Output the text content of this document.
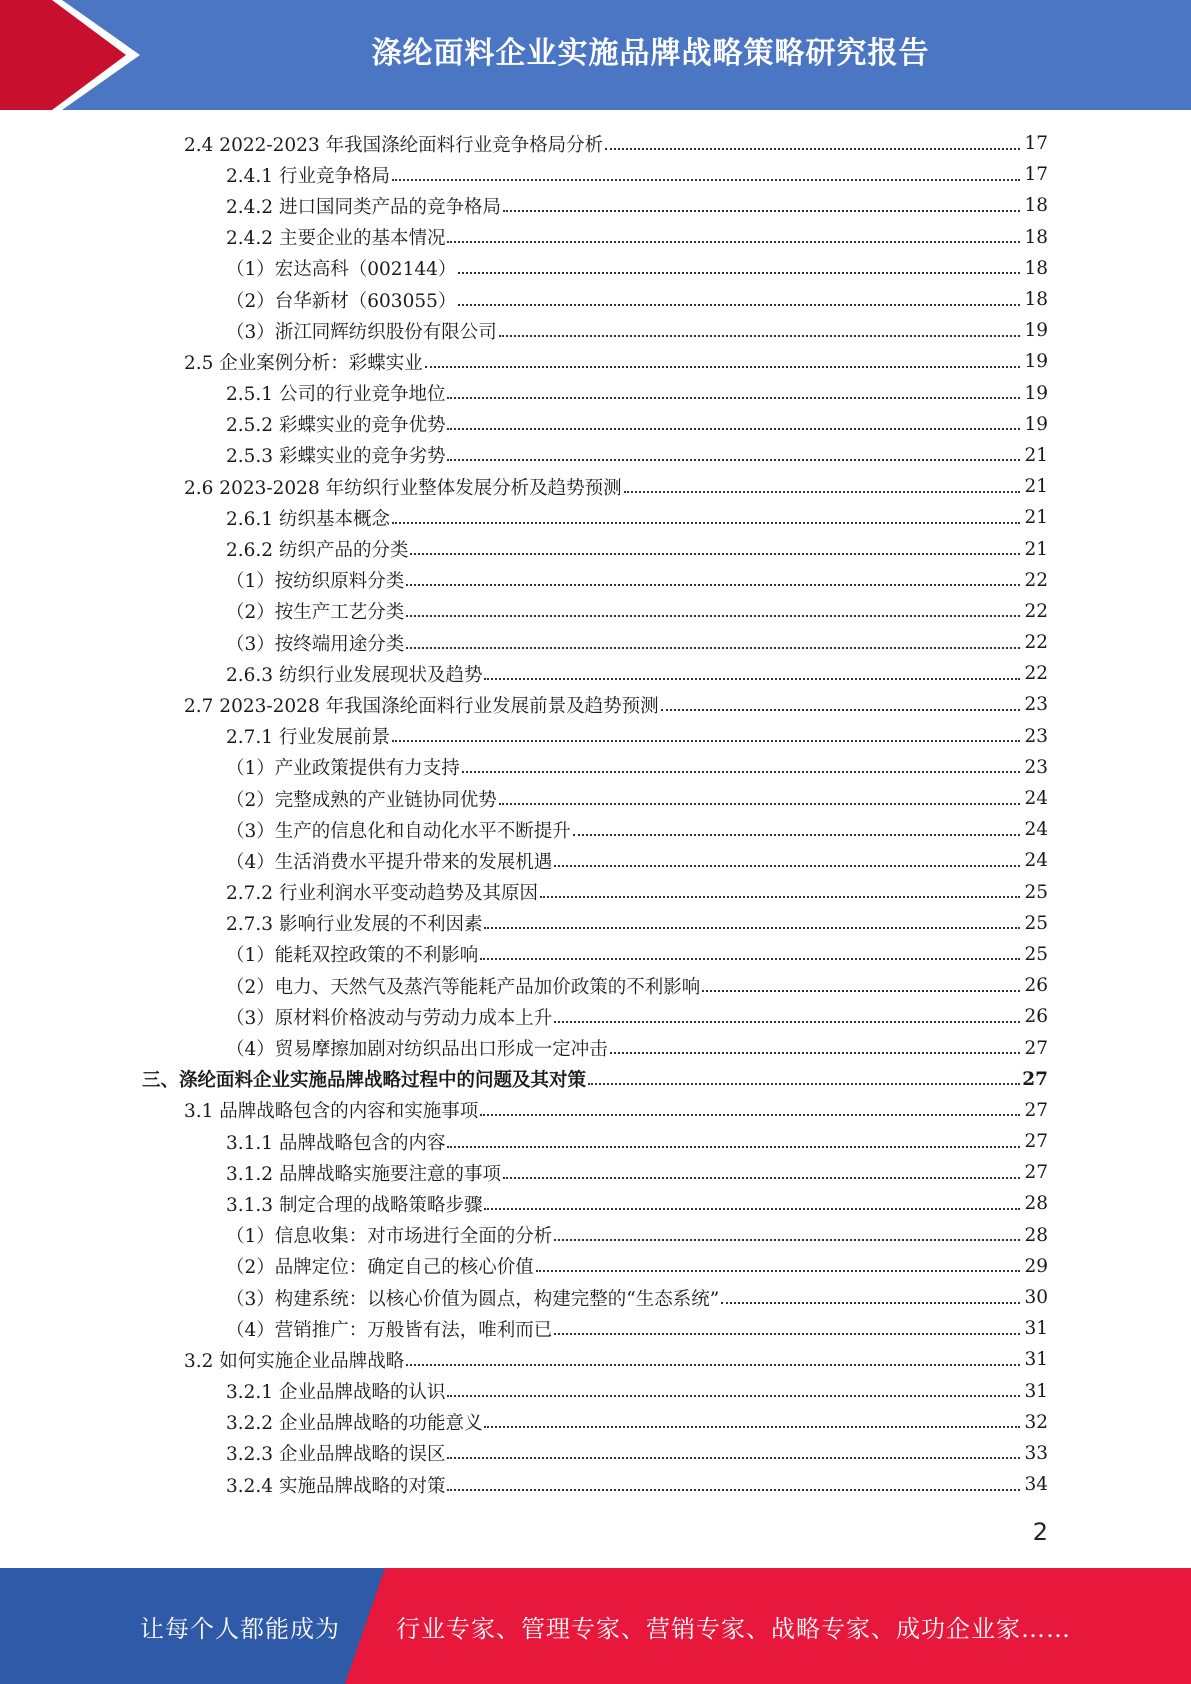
涤纶面料企业实施品牌战略策略研究报告
2.4 2022-2023 年我国涤纶面料行业竞争格局分析	17
2.4.1 行业竞争格局	17
2.4.2 进口国同类产品的竞争格局	18
2.4.2 主要企业的基本情况	18
（1）宏达高科（002144）	18
（2）台华新材（603055）	18
（3）浙江同辉纺织股份有限公司	19
2.5 企业案例分析：彩蝶实业	19
2.5.1 公司的行业竞争地位	19
2.5.2 彩蝶实业的竞争优势	19
2.5.3 彩蝶实业的竞争劣势	21
2.6 2023-2028 年纺织行业整体发展分析及趋势预测	21
2.6.1 纺织基本概念	21
2.6.2 纺织产品的分类	21
（1）按纺织原料分类	22
（2）按生产工艺分类	22
（3）按终端用途分类	22
2.6.3 纺织行业发展现状及趋势	22
2.7 2023-2028 年我国涤纶面料行业发展前景及趋势预测	23
2.7.1 行业发展前景	23
（1）产业政策提供有力支持	23
（2）完整成熟的产业链协同优势	24
（3）生产的信息化和自动化水平不断提升	24
（4）生活消费水平提升带来的发展机遇	24
2.7.2 行业利润水平变动趋势及其原因	25
2.7.3 影响行业发展的不利因素	25
（1）能耗双控政策的不利影响	25
（2）电力、天然气及蒸汽等能耗产品加价政策的不利影响	26
（3）原材料价格波动与劳动力成本上升	26
（4）贸易摩擦加剧对纺织品出口形成一定冲击	27
三、涤纶面料企业实施品牌战略过程中的问题及其对策	27
3.1 品牌战略包含的内容和实施事项	27
3.1.1 品牌战略包含的内容	27
3.1.2 品牌战略实施要注意的事项	27
3.1.3 制定合理的战略策略步骤	28
（1）信息收集：对市场进行全面的分析	28
（2）品牌定位：确定自己的核心价值	29
（3）构建系统：以核心价值为圆点，构建完整的“生态系统”	30
（4）营销推广：万般皆有法，唯利而已	31
3.2 如何实施企业品牌战略	31
3.2.1 企业品牌战略的认识	31
3.2.2 企业品牌战略的功能意义	32
3.2.3 企业品牌战略的误区	33
3.2.4 实施品牌战略的对策	34
2
让每个人都能成为 行业专家、管理专家、营销专家、战略专家、成功企业家……
